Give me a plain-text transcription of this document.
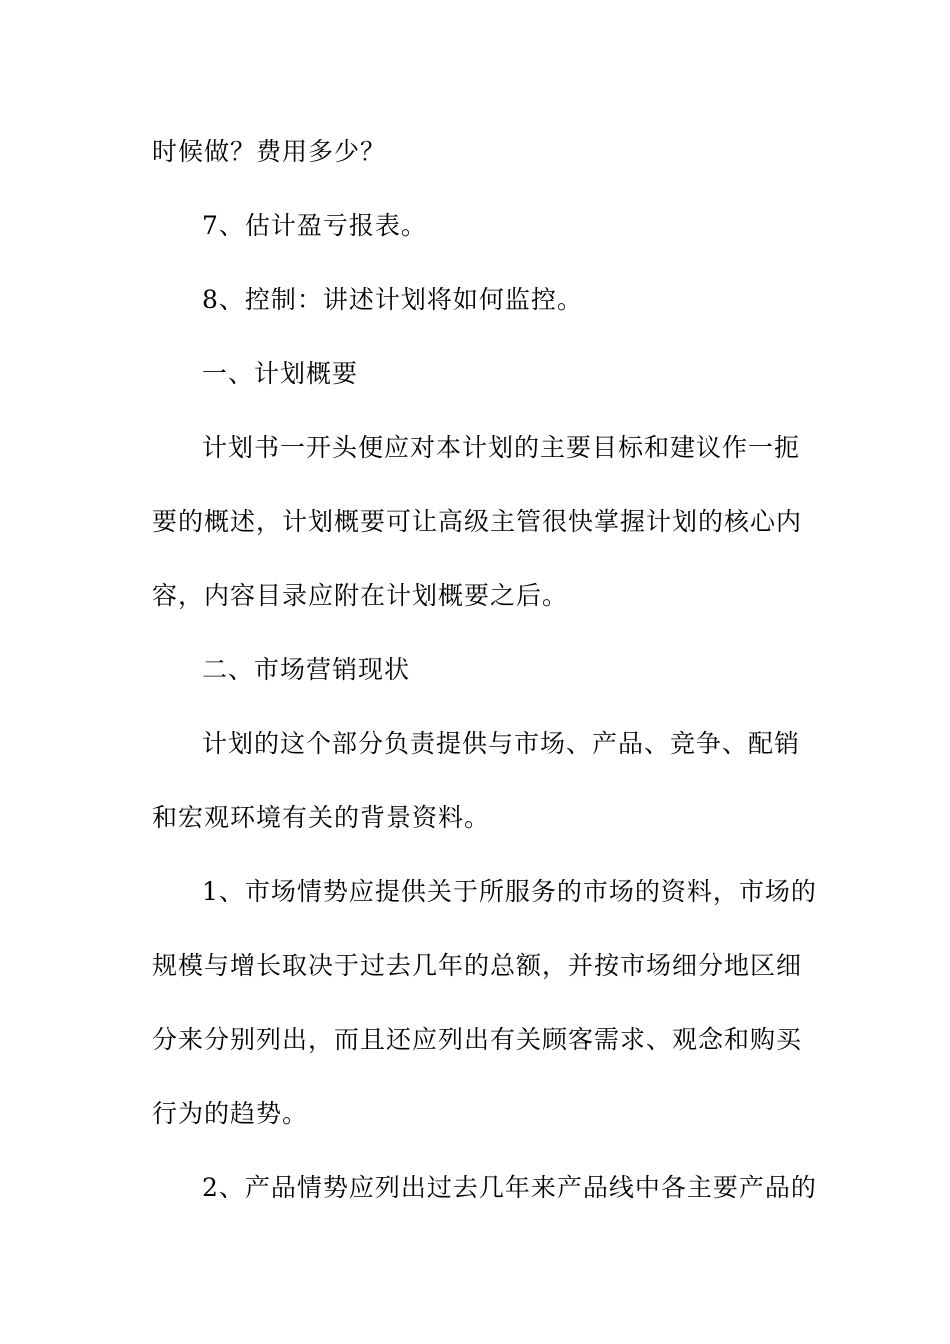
时候做？费用多少？
7、估计盈亏报表。
8、控制：讲述计划将如何监控。
一、计划概要
计划书一开头便应对本计划的主要目标和建议作一扼
要的概述，计划概要可让高级主管很快掌握计划的核心内
容，内容目录应附在计划概要之后。
二、市场营销现状
计划的这个部分负责提供与市场、产品、竞争、配销
和宏观环境有关的背景资料。
1、市场情势应提供关于所服务的市场的资料，市场的
规模与增长取决于过去几年的总额，并按市场细分地区细
分来分别列出，而且还应列出有关顾客需求、观念和购买
行为的趋势。
2、产品情势应列出过去几年来产品线中各主要产品的
